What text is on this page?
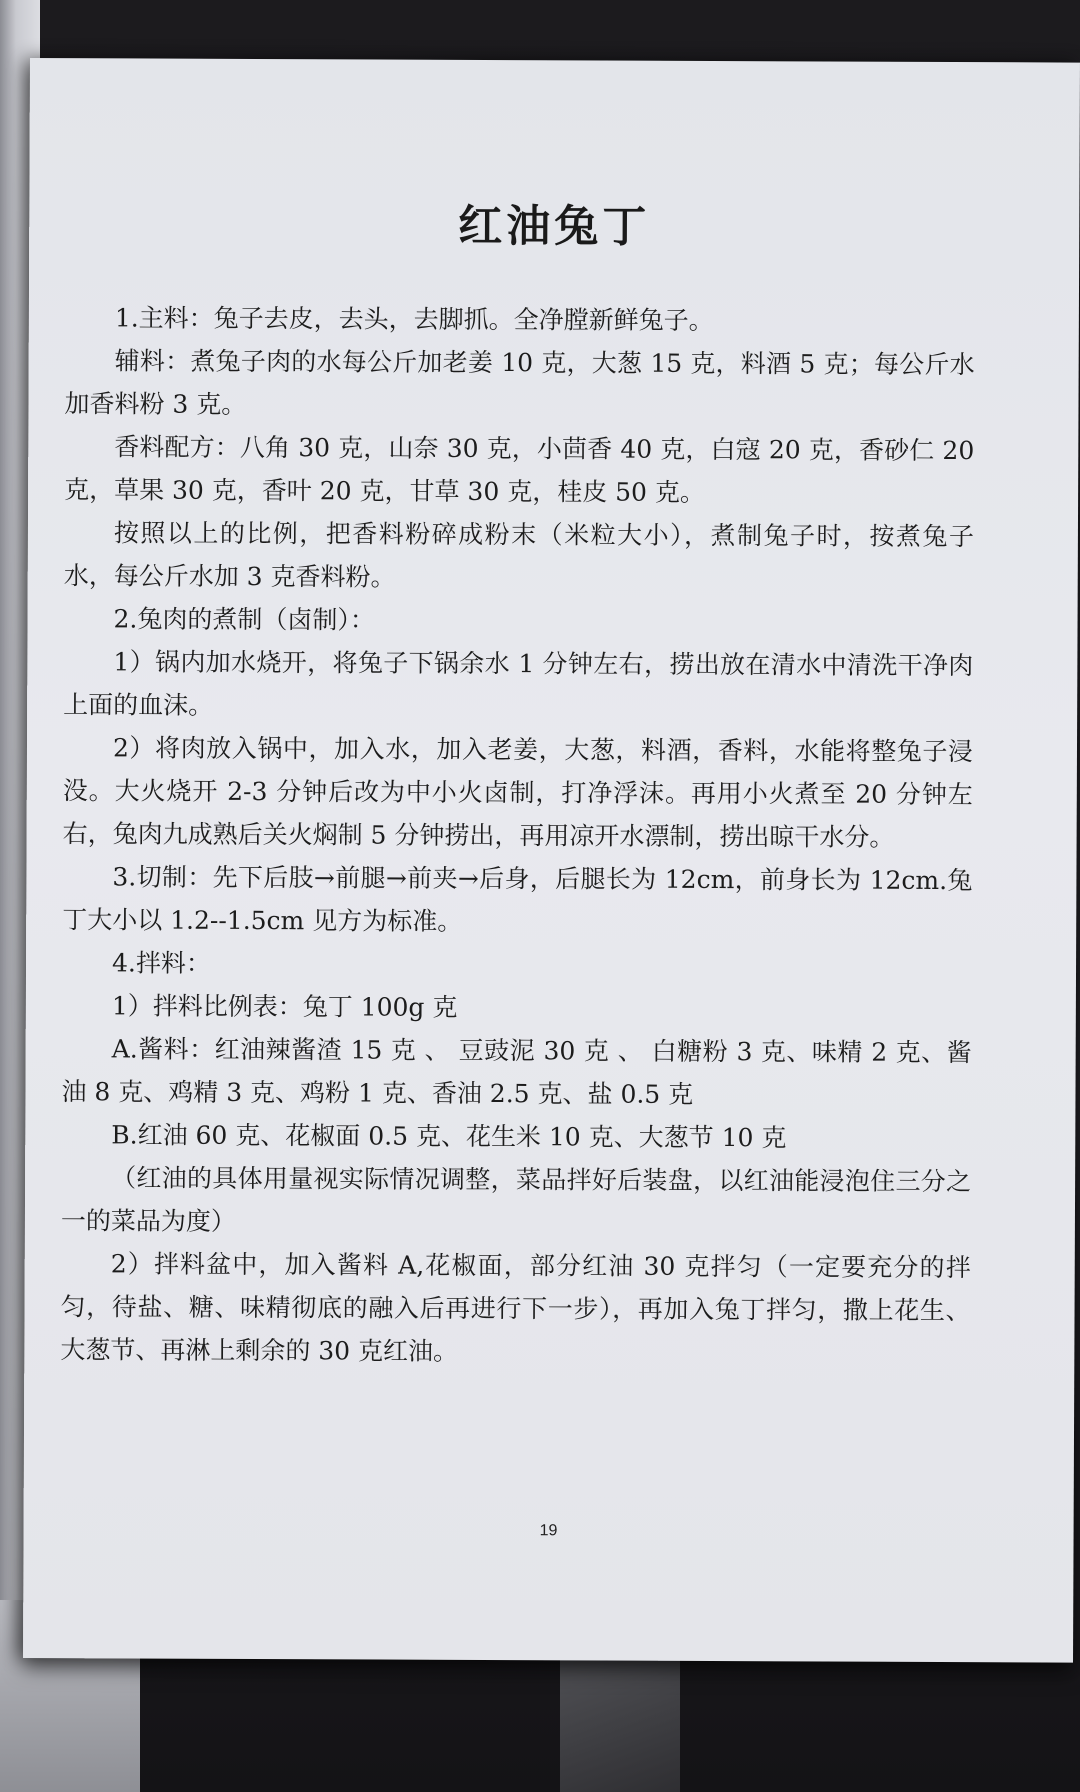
红油兔丁

1.主料：兔子去皮，去头，去脚抓。全净膛新鲜兔子。

辅料：煮兔子肉的水每公斤加老姜 10 克，大葱 15 克，料酒 5 克；每公斤水加香料粉 3 克。

香料配方：八角 30 克，山奈 30 克，小茴香 40 克，白寇 20 克，香砂仁 20 克，草果 30 克，香叶 20 克，甘草 30 克，桂皮 50 克。

按照以上的比例，把香料粉碎成粉末（米粒大小），煮制兔子时，按煮兔子水，每公斤水加 3 克香料粉。

2.兔肉的煮制（卤制）：

1）锅内加水烧开，将兔子下锅余水 1 分钟左右，捞出放在清水中清洗干净肉上面的血沫。

2）将肉放入锅中，加入水，加入老姜，大葱，料酒，香料，水能将整兔子浸没。大火烧开 2-3 分钟后改为中小火卤制，打净浮沫。再用小火煮至 20 分钟左右，兔肉九成熟后关火焖制 5 分钟捞出，再用凉开水漂制，捞出晾干水分。

3.切制：先下后肢→前腿→前夹→后身，后腿长为 12cm，前身长为 12cm.兔丁大小以 1.2--1.5cm 见方为标准。

4.拌料：

1）拌料比例表：兔丁 100g 克

A.酱料：红油辣酱渣 15 克 、 豆豉泥 30 克 、 白糖粉 3 克、味精 2 克、酱油 8 克、鸡精 3 克、鸡粉 1 克、香油 2.5 克、盐 0.5 克

B.红油 60 克、花椒面 0.5 克、花生米 10 克、大葱节 10 克

（红油的具体用量视实际情况调整，菜品拌好后装盘，以红油能浸泡住三分之一的菜品为度）

2）拌料盆中，加入酱料 A,花椒面，部分红油 30 克拌匀（一定要充分的拌匀，待盐、糖、味精彻底的融入后再进行下一步），再加入兔丁拌匀，撒上花生、大葱节、再淋上剩余的 30 克红油。

19
